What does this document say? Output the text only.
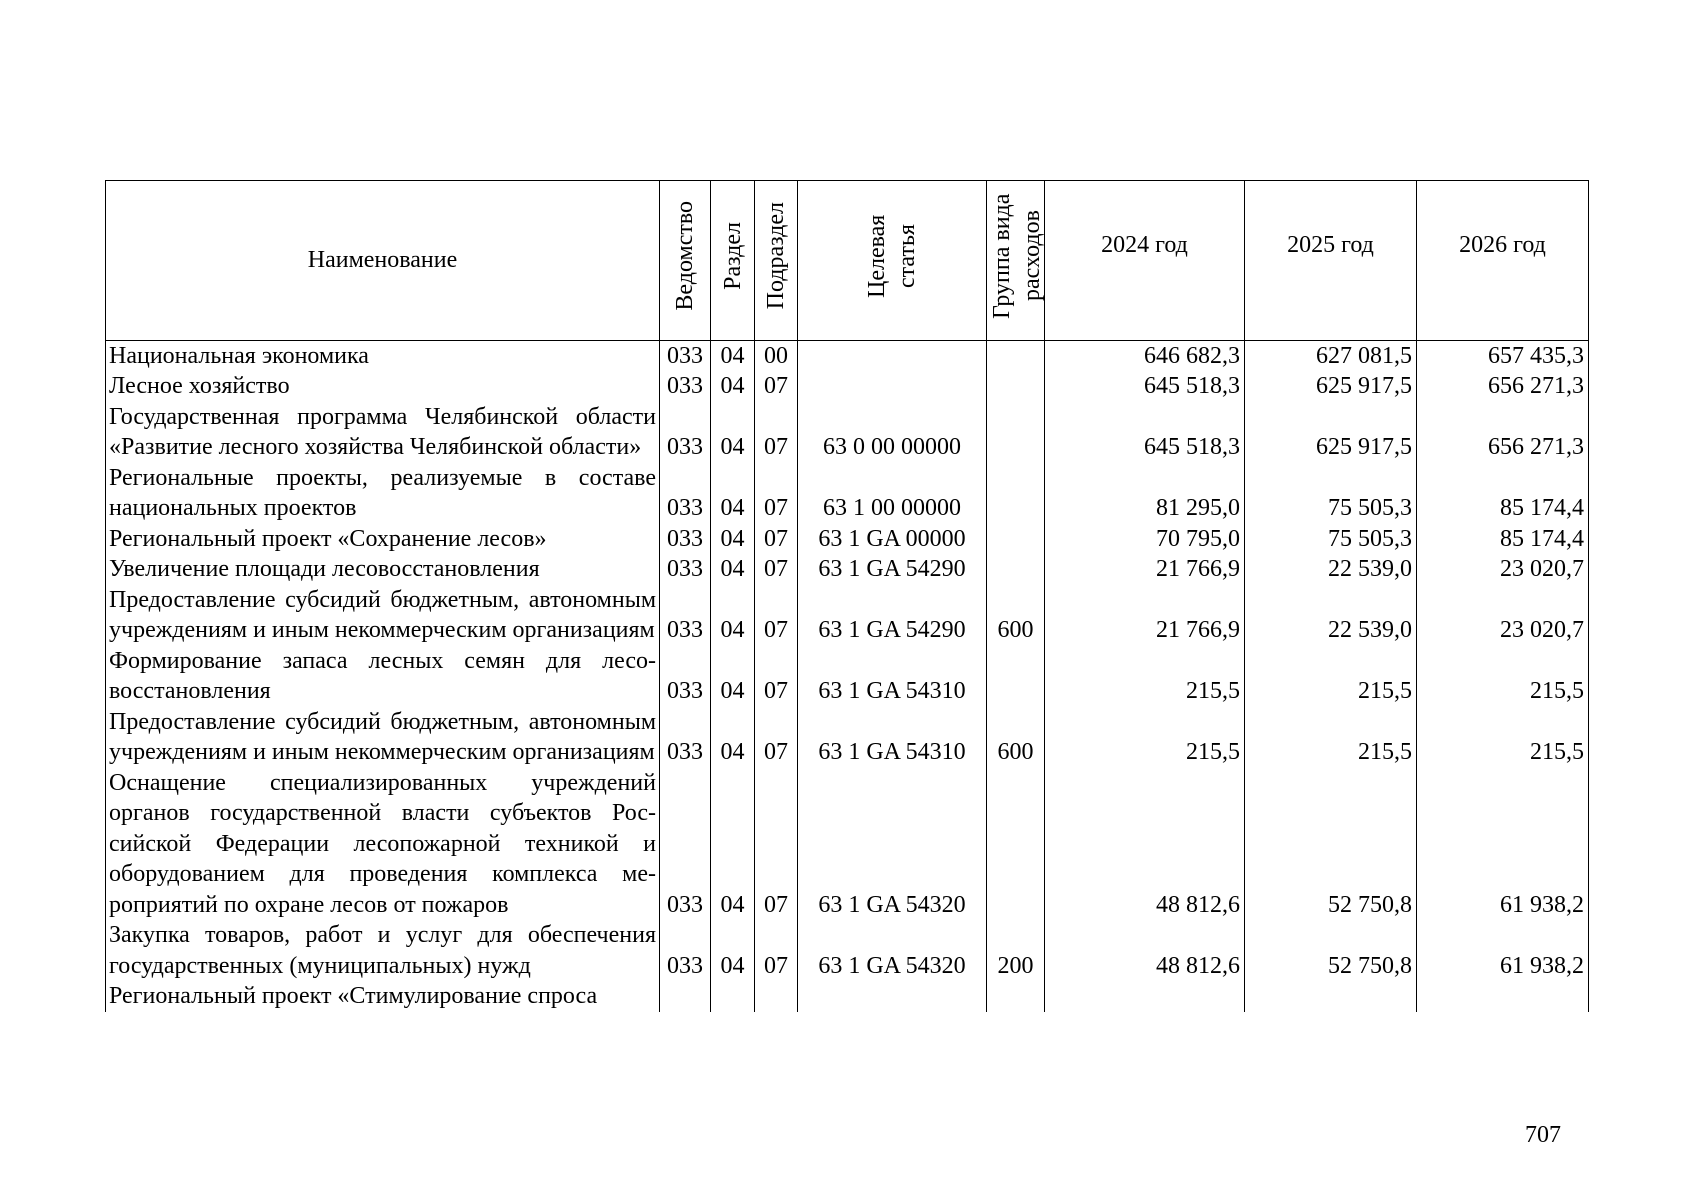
Наименование	Ведомство	Раздел	Подраздел	Целевая статья	Группа вида расходов	2024 год	2025 год	2026 год

Национальная экономика	033	04	00			646 682,3	627 081,5	657 435,3
Лесное хозяйство	033	04	07			645 518,3	625 917,5	656 271,3
Государственная программа Челябинской области «Развитие лесного хозяйства Челябинской области»	033	04	07	63 0 00 00000		645 518,3	625 917,5	656 271,3
Региональные проекты, реализуемые в составе национальных проектов	033	04	07	63 1 00 00000		81 295,0	75 505,3	85 174,4
Региональный проект «Сохранение лесов»	033	04	07	63 1 GA 00000		70 795,0	75 505,3	85 174,4
Увеличение площади лесовосстановления	033	04	07	63 1 GA 54290		21 766,9	22 539,0	23 020,7
Предоставление субсидий бюджетным, автономным учреждениям и иным некоммерческим организациям	033	04	07	63 1 GA 54290	600	21 766,9	22 539,0	23 020,7
Формирование запаса лесных семян для лесовосстановления	033	04	07	63 1 GA 54310		215,5	215,5	215,5
Предоставление субсидий бюджетным, автономным учреждениям и иным некоммерческим организациям	033	04	07	63 1 GA 54310	600	215,5	215,5	215,5
Оснащение специализированных учреждений органов государственной власти субъектов Российской Федерации лесопожарной техникой и оборудованием для проведения комплекса мероприятий по охране лесов от пожаров	033	04	07	63 1 GA 54320		48 812,6	52 750,8	61 938,2
Закупка товаров, работ и услуг для обеспечения государственных (муниципальных) нужд	033	04	07	63 1 GA 54320	200	48 812,6	52 750,8	61 938,2
Региональный проект «Стимулирование спроса								
707
